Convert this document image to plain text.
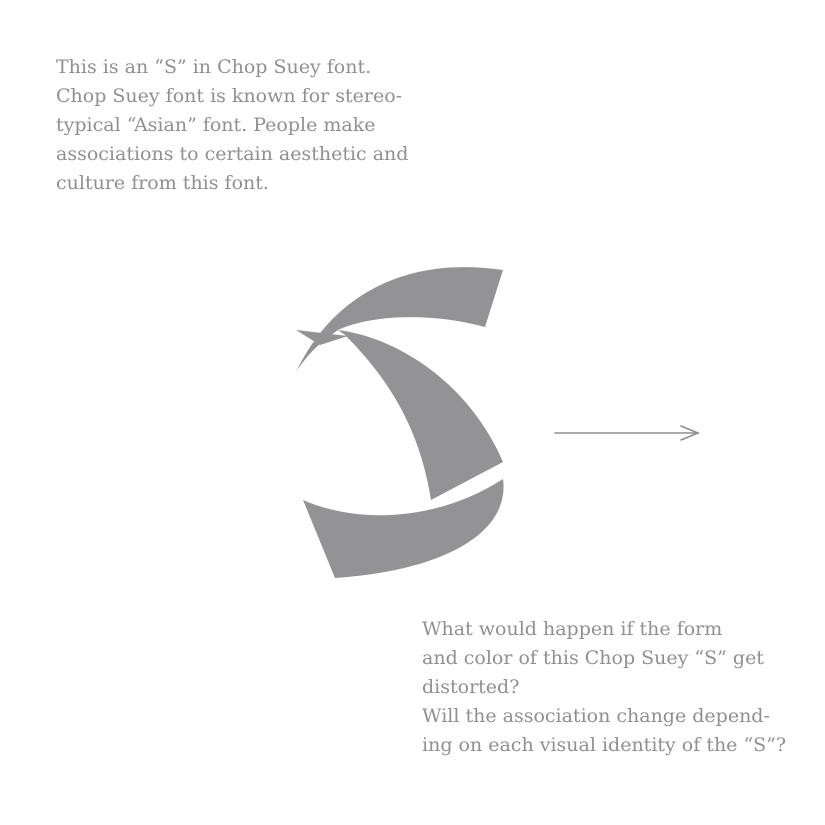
This is an “S” in Chop Suey font.
Chop Suey font is known for stereo-
typical “Asian” font. People make
associations to certain aesthetic and
culture from this font.
What would happen if the form
and color of this Chop Suey “S” get
distorted?
Will the association change depend-
ing on each visual identity of the “S”?
